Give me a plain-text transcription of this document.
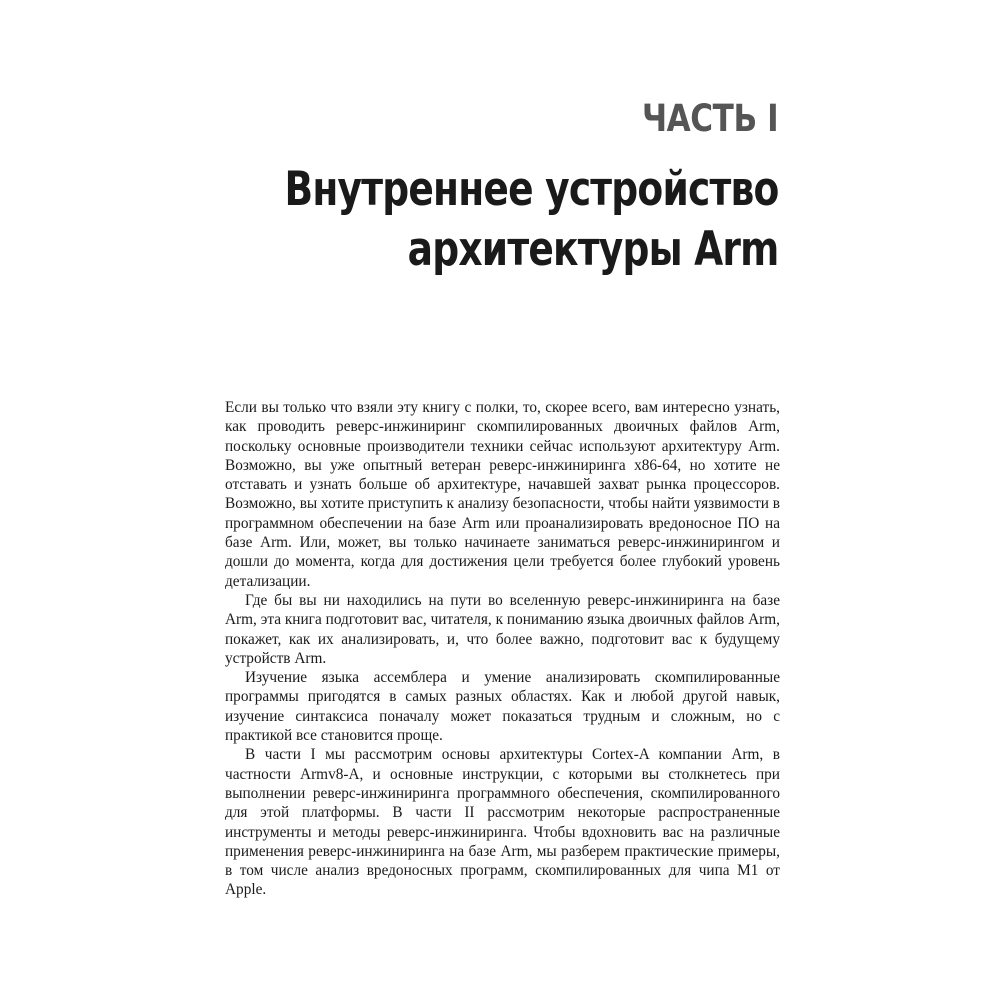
ЧАСТЬ I
Внутреннее устройство
архитектуры Arm

Если вы только что взяли эту книгу с полки, то, скорее всего, вам интересно узнать, как проводить реверс-инжиниринг скомпилированных двоичных файлов Arm, поскольку основные производители техники сейчас используют архитектуру Arm. Возможно, вы уже опытный ветеран реверс-инжиниринга x86-64, но хотите не отставать и узнать больше об архитектуре, начавшей захват рынка процессоров. Возможно, вы хотите приступить к анализу безопасности, чтобы найти уязвимости в программном обеспечении на базе Arm или проанализировать вредоносное ПО на базе Arm. Или, может, вы только начинаете заниматься реверс-инжинирингом и дошли до момента, когда для достижения цели требуется более глубокий уровень детализации.

Где бы вы ни находились на пути во вселенную реверс-инжиниринга на базе Arm, эта книга подготовит вас, читателя, к пониманию языка двоичных файлов Arm, покажет, как их анализировать, и, что более важно, подготовит вас к будущему устройств Arm.

Изучение языка ассемблера и умение анализировать скомпилированные программы пригодятся в самых разных областях. Как и любой другой навык, изучение синтаксиса поначалу может показаться трудным и сложным, но с практикой все становится проще.

В части I мы рассмотрим основы архитектуры Cortex-A компании Arm, в частности Armv8-A, и основные инструкции, с которыми вы столкнетесь при выполнении реверс-инжиниринга программного обеспечения, скомпилированного для этой платформы. В части II рассмотрим некоторые распространенные инструменты и методы реверс-инжиниринга. Чтобы вдохновить вас на различные применения реверс-инжиниринга на базе Arm, мы разберем практические примеры, в том числе анализ вредоносных программ, скомпилированных для чипа M1 от Apple.
